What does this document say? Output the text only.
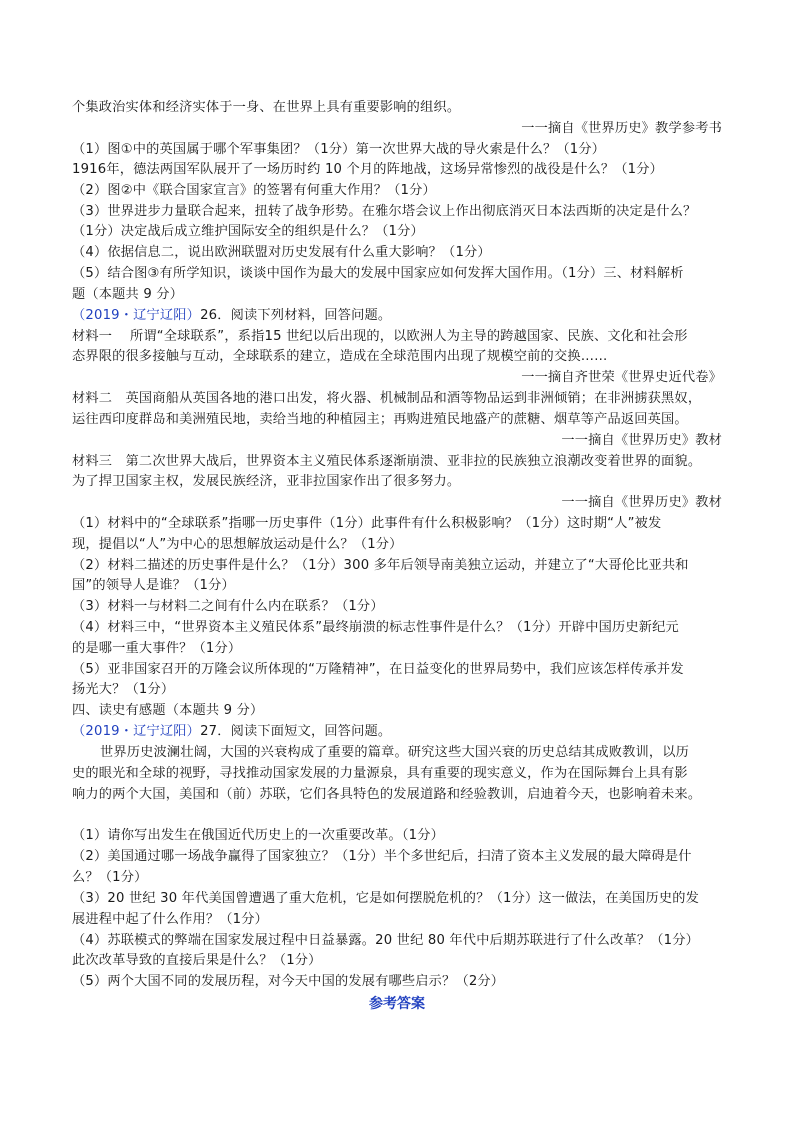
个集政治实体和经济实体于一身、在世界上具有重要影响的组织。
一一摘自《世界历史》教学参考书
（1）图①中的英国属于哪个军事集团？（1分）第一次世界大战的导火索是什么？（1分）
1916年，德法两国军队展开了一场历时约 10 个月的阵地战，这场异常惨烈的战役是什么？（1分）
（2）图②中《联合国家宣言》的签署有何重大作用？（1分）
（3）世界进步力量联合起来，扭转了战争形势。在雅尔塔会议上作出彻底消灭日本法西斯的决定是什么？
（1分）决定战后成立维护国际安全的组织是什么？（1分）
（4）依据信息二，说出欧洲联盟对历史发展有什么重大影响？（1分）
（5）结合图③有所学知识，谈谈中国作为最大的发展中国家应如何发挥大国作用。（1分）三、材料解析
题（本题共 9 分）
（2019・辽宁辽阳）26．阅读下列材料，回答问题。
材料一　 所谓“全球联系”，系指15 世纪以后出现的，以欧洲人为主导的跨越国家、民族、文化和社会形
态界限的很多接触与互动，全球联系的建立，造成在全球范围内出现了规模空前的交换……
一一摘自齐世荣《世界史近代卷》
材料二　英国商船从英国各地的港口出发，将火器、机械制品和酒等物品运到非洲倾销；在非洲掳获黑奴，
运往西印度群岛和美洲殖民地，卖给当地的种植园主；再购进殖民地盛产的蔗糖、烟草等产品返回英国。
一一摘自《世界历史》教材
材料三　第二次世界大战后，世界资本主义殖民体系逐渐崩溃、亚非拉的民族独立浪潮改变着世界的面貌。
为了捍卫国家主权，发展民族经济，亚非拉国家作出了很多努力。
一一摘自《世界历史》教材
（1）材料中的“全球联系”指哪一历史事件（1分）此事件有什么积极影响？（1分）这时期“人”被发
现，提倡以“人”为中心的思想解放运动是什么？（1分）
（2）材料二描述的历史事件是什么？（1分）300 多年后领导南美独立运动，并建立了“大哥伦比亚共和
国”的领导人是谁？（1分）
（3）材料一与材料二之间有什么内在联系？（1分）
（4）材料三中，“世界资本主义殖民体系”最终崩溃的标志性事件是什么？（1分）开辟中国历史新纪元
的是哪一重大事件？（1分）
（5）亚非国家召开的万隆会议所体现的“万隆精神”，在日益变化的世界局势中，我们应该怎样传承并发
扬光大？（1分）
四、读史有感题（本题共 9 分）
（2019・辽宁辽阳）27．阅读下面短文，回答问题。
世界历史波澜壮阔，大国的兴衰构成了重要的篇章。研究这些大国兴衰的历史总结其成败教训，以历
史的眼光和全球的视野，寻找推动国家发展的力量源泉，具有重要的现实意义，作为在国际舞台上具有影
响力的两个大国，美国和（前）苏联，它们各具特色的发展道路和经验教训，启迪着今天，也影响着未来。
（1）请你写出发生在俄国近代历史上的一次重要改革。（1分）
（2）美国通过哪一场战争赢得了国家独立？（1分）半个多世纪后，扫清了资本主义发展的最大障碍是什
么？（1分）
（3）20 世纪 30 年代美国曾遭遇了重大危机，它是如何摆脱危机的？（1分）这一做法，在美国历史的发
展进程中起了什么作用？（1分）
（4）苏联模式的弊端在国家发展过程中日益暴露。20 世纪 80 年代中后期苏联进行了什么改革？（1分）
此次改革导致的直接后果是什么？（1分）
（5）两个大国不同的发展历程，对今天中国的发展有哪些启示？（2分）
参考答案
